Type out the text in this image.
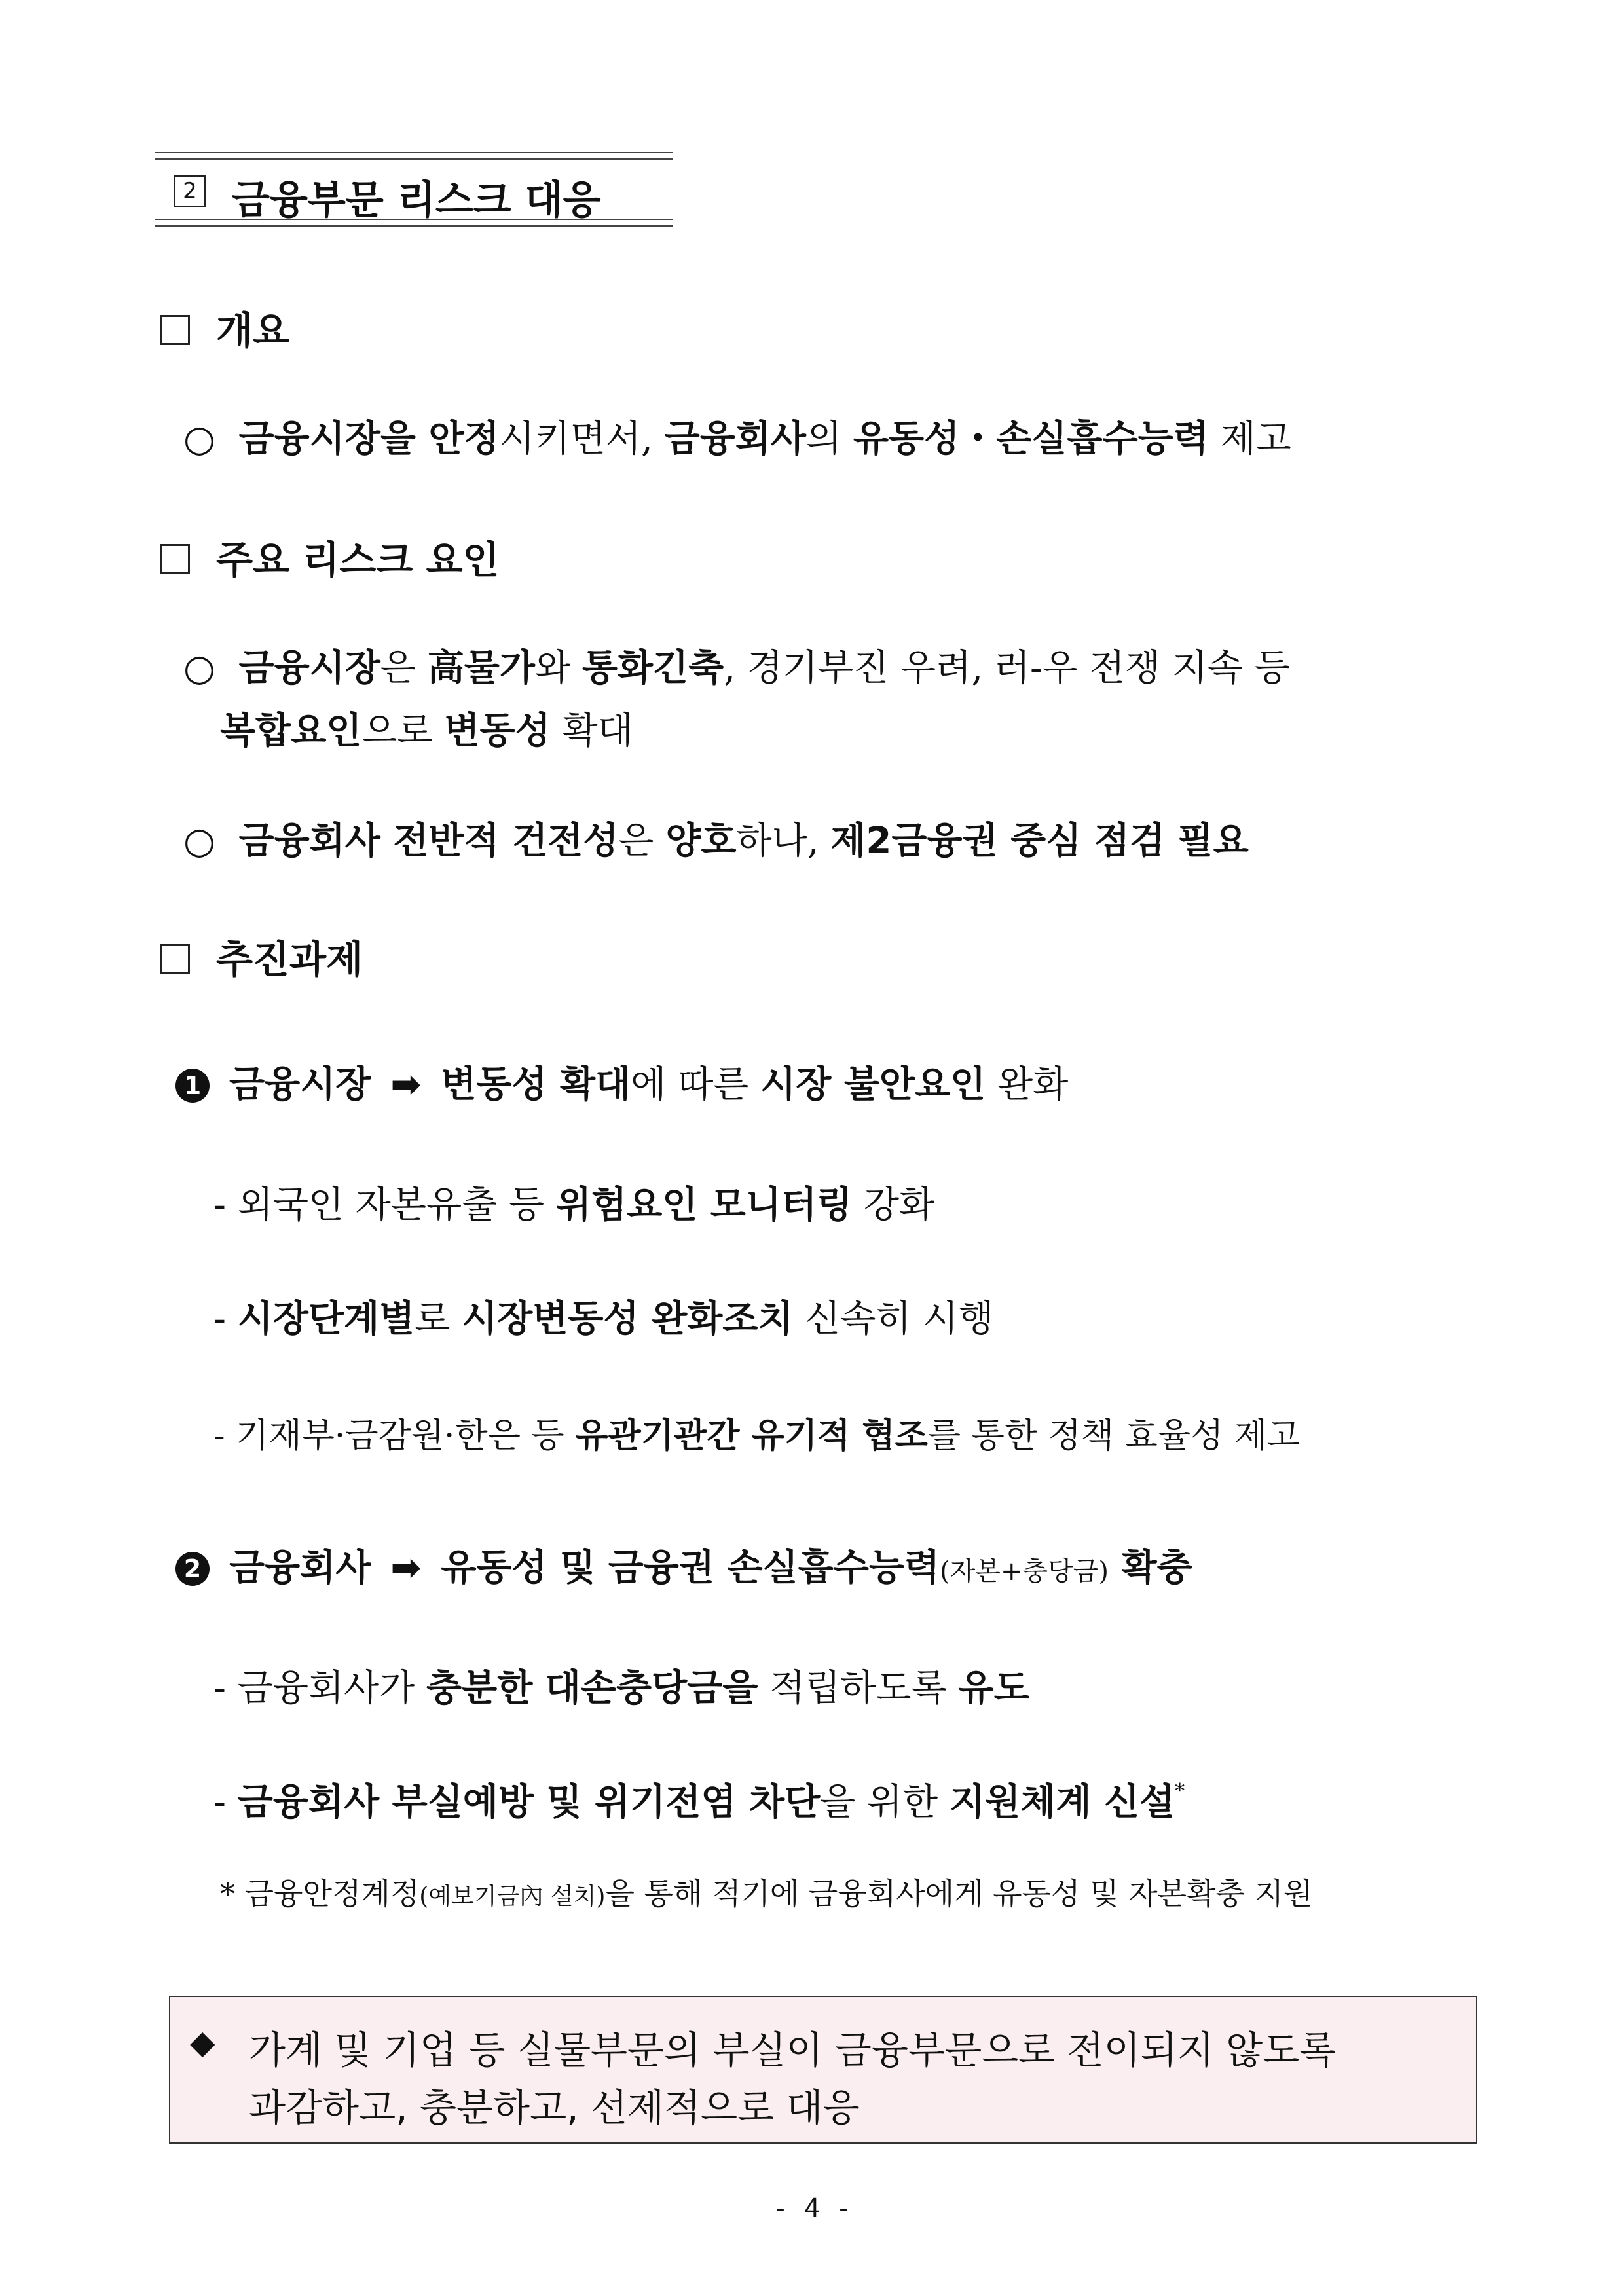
2 금융부문 리스크 대응
개요
○  금융시장을 안정시키면서, 금융회사의 유동성・손실흡수능력 제고
주요 리스크 요인
○  금융시장은 高물가와 통화긴축, 경기부진 우려, 러-우 전쟁 지속 등
복합요인으로 변동성 확대
○  금융회사 전반적 건전성은 양호하나, 제2금융권 중심 점검 필요
추진과제
1 금융시장 ➡ 변동성 확대에 따른 시장 불안요인 완화
- 외국인 자본유출 등 위험요인 모니터링 강화
- 시장단계별로 시장변동성 완화조치 신속히 시행
- 기재부·금감원·한은 등 유관기관간 유기적 협조를 통한 정책 효율성 제고
2 금융회사 ➡ 유동성 및 금융권 손실흡수능력(자본+충당금) 확충
- 금융회사가 충분한 대손충당금을 적립하도록 유도
- 금융회사 부실예방 및 위기전염 차단을 위한 지원체계 신설*
* 금융안정계정(예보기금內 설치)을 통해 적기에 금융회사에게 유동성 및 자본확충 지원
◆ 가계 및 기업 등 실물부문의 부실이 금융부문으로 전이되지 않도록
과감하고, 충분하고, 선제적으로 대응
- 4 -
